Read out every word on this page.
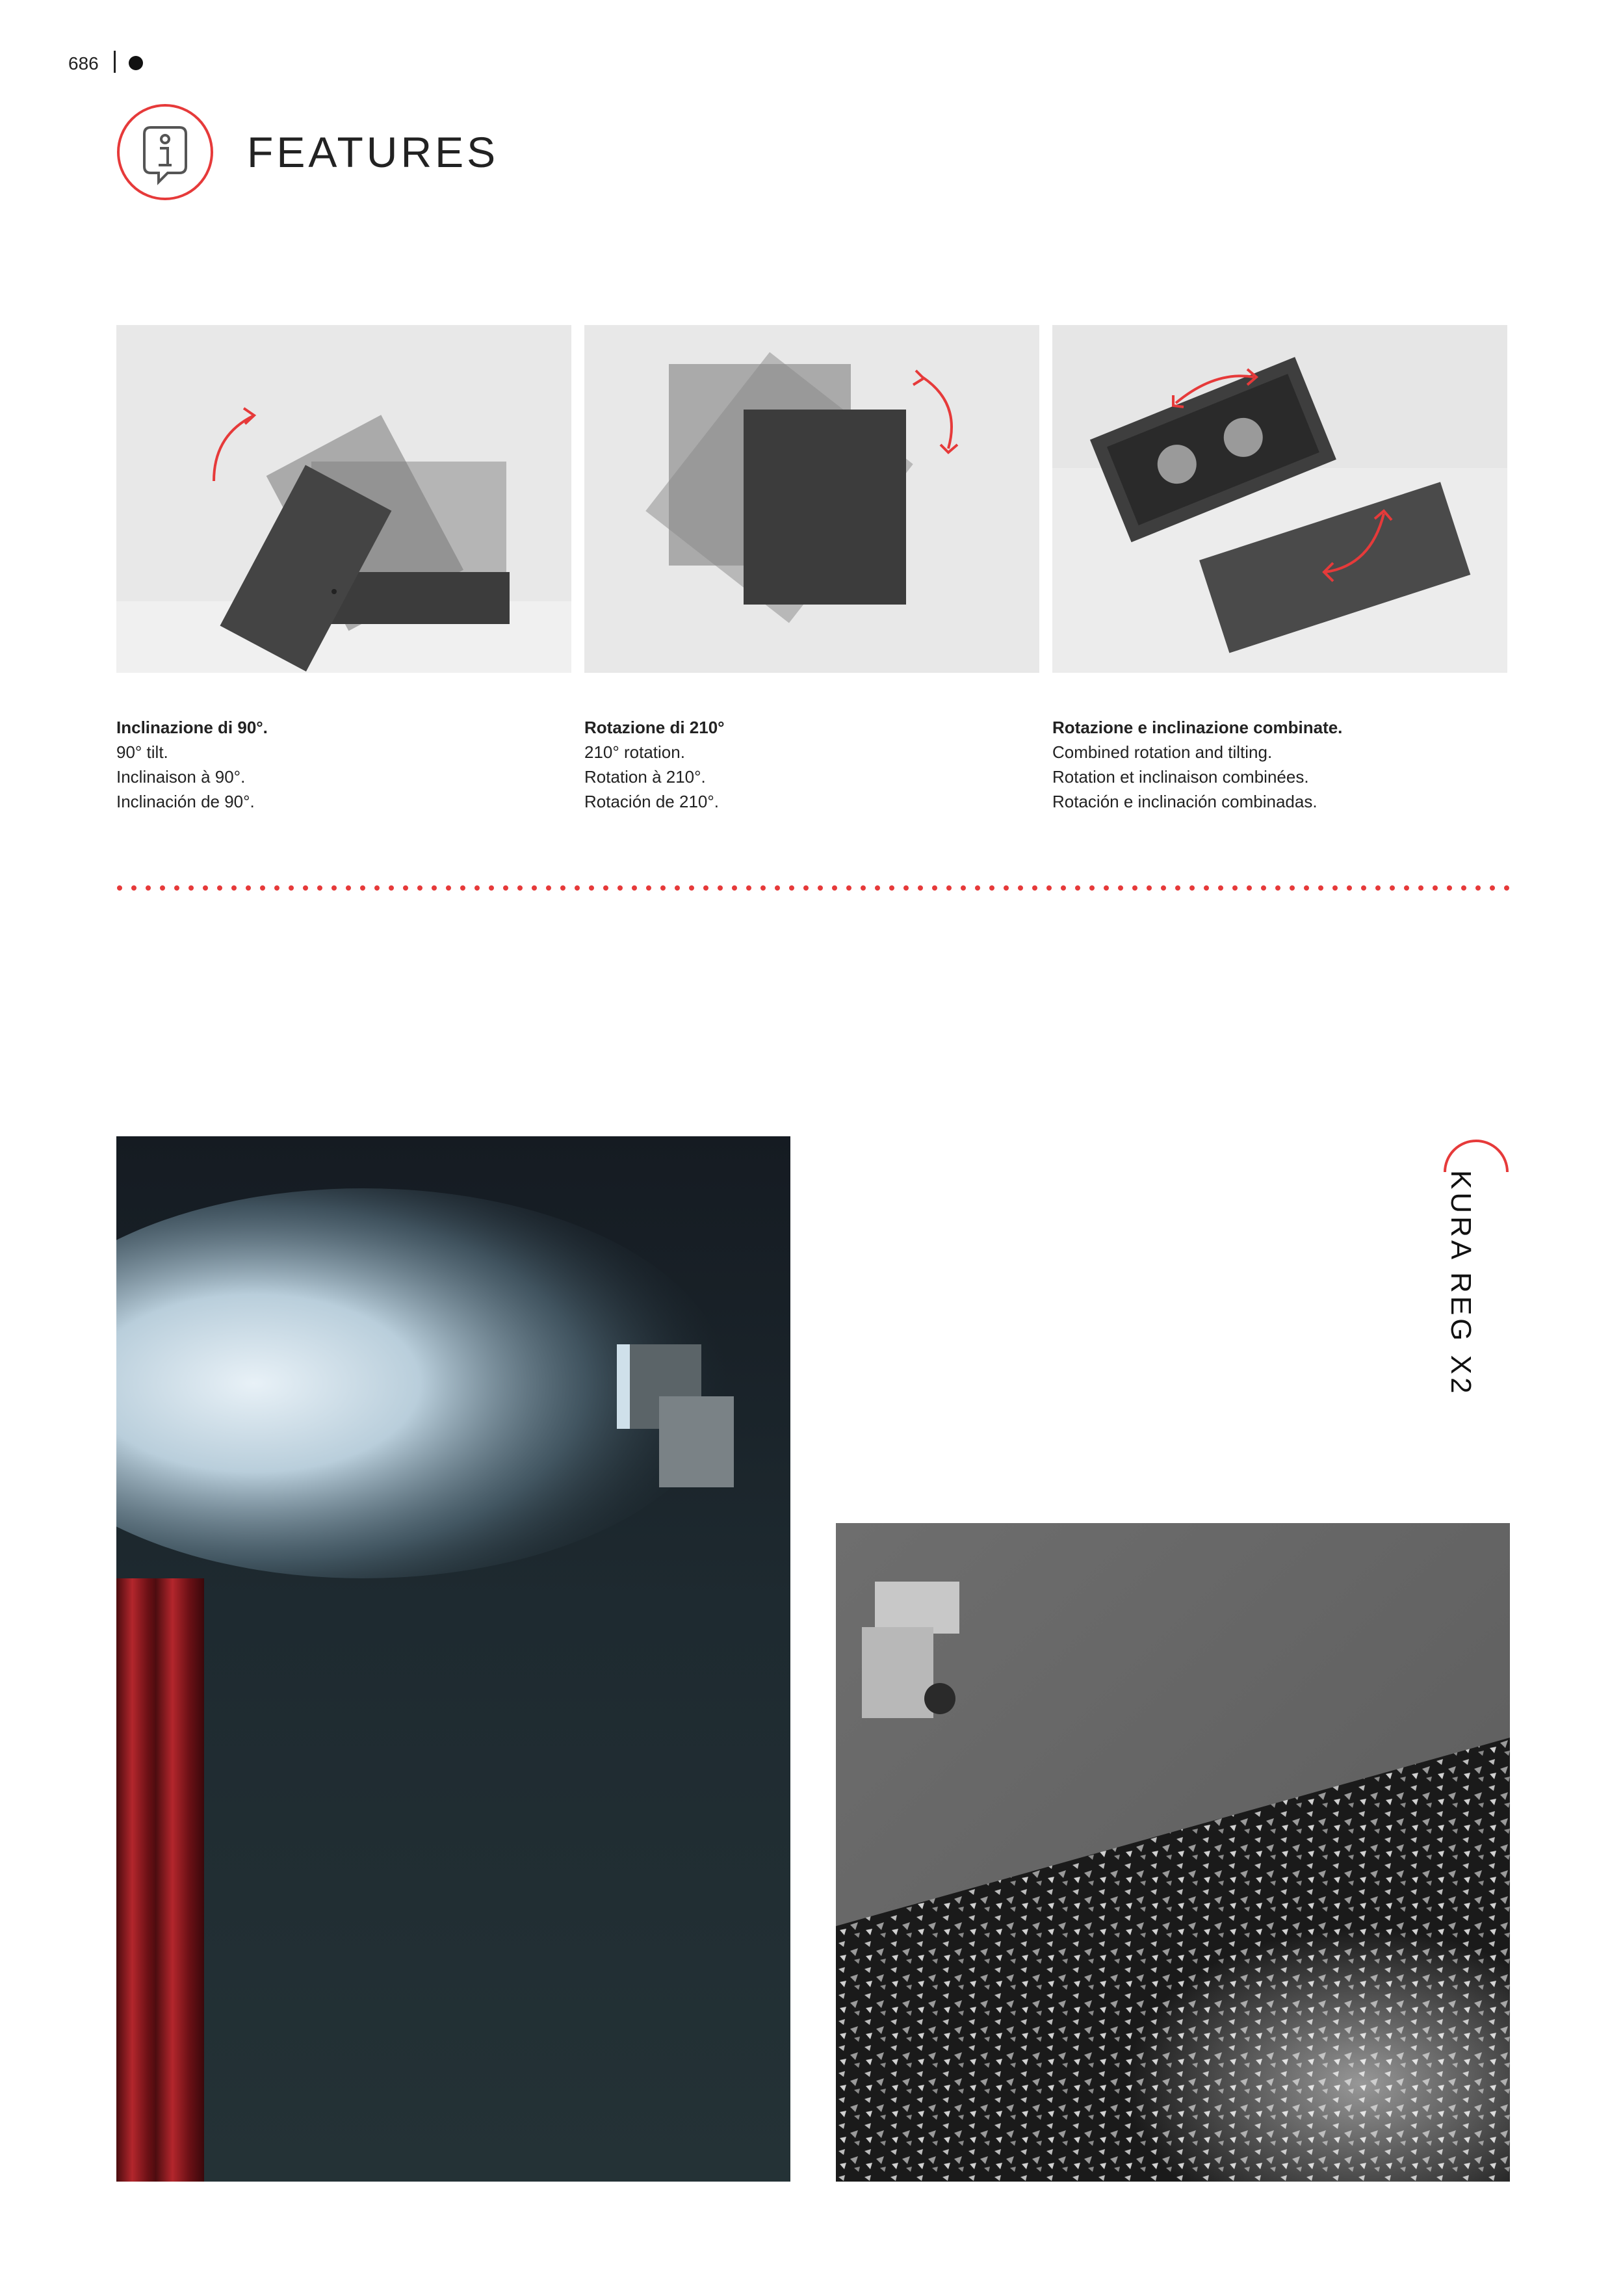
686
FEATURES
Inclinazione di 90°.
90° tilt.
Inclinaison à 90°.
Inclinación de 90°.
Rotazione di 210°
210° rotation.
Rotation à 210°.
Rotación de 210°.
Rotazione e inclinazione combinate.
Combined rotation and tilting.
Rotation et inclinaison combinées.
Rotación e inclinación combinadas.
KURA REG X2
